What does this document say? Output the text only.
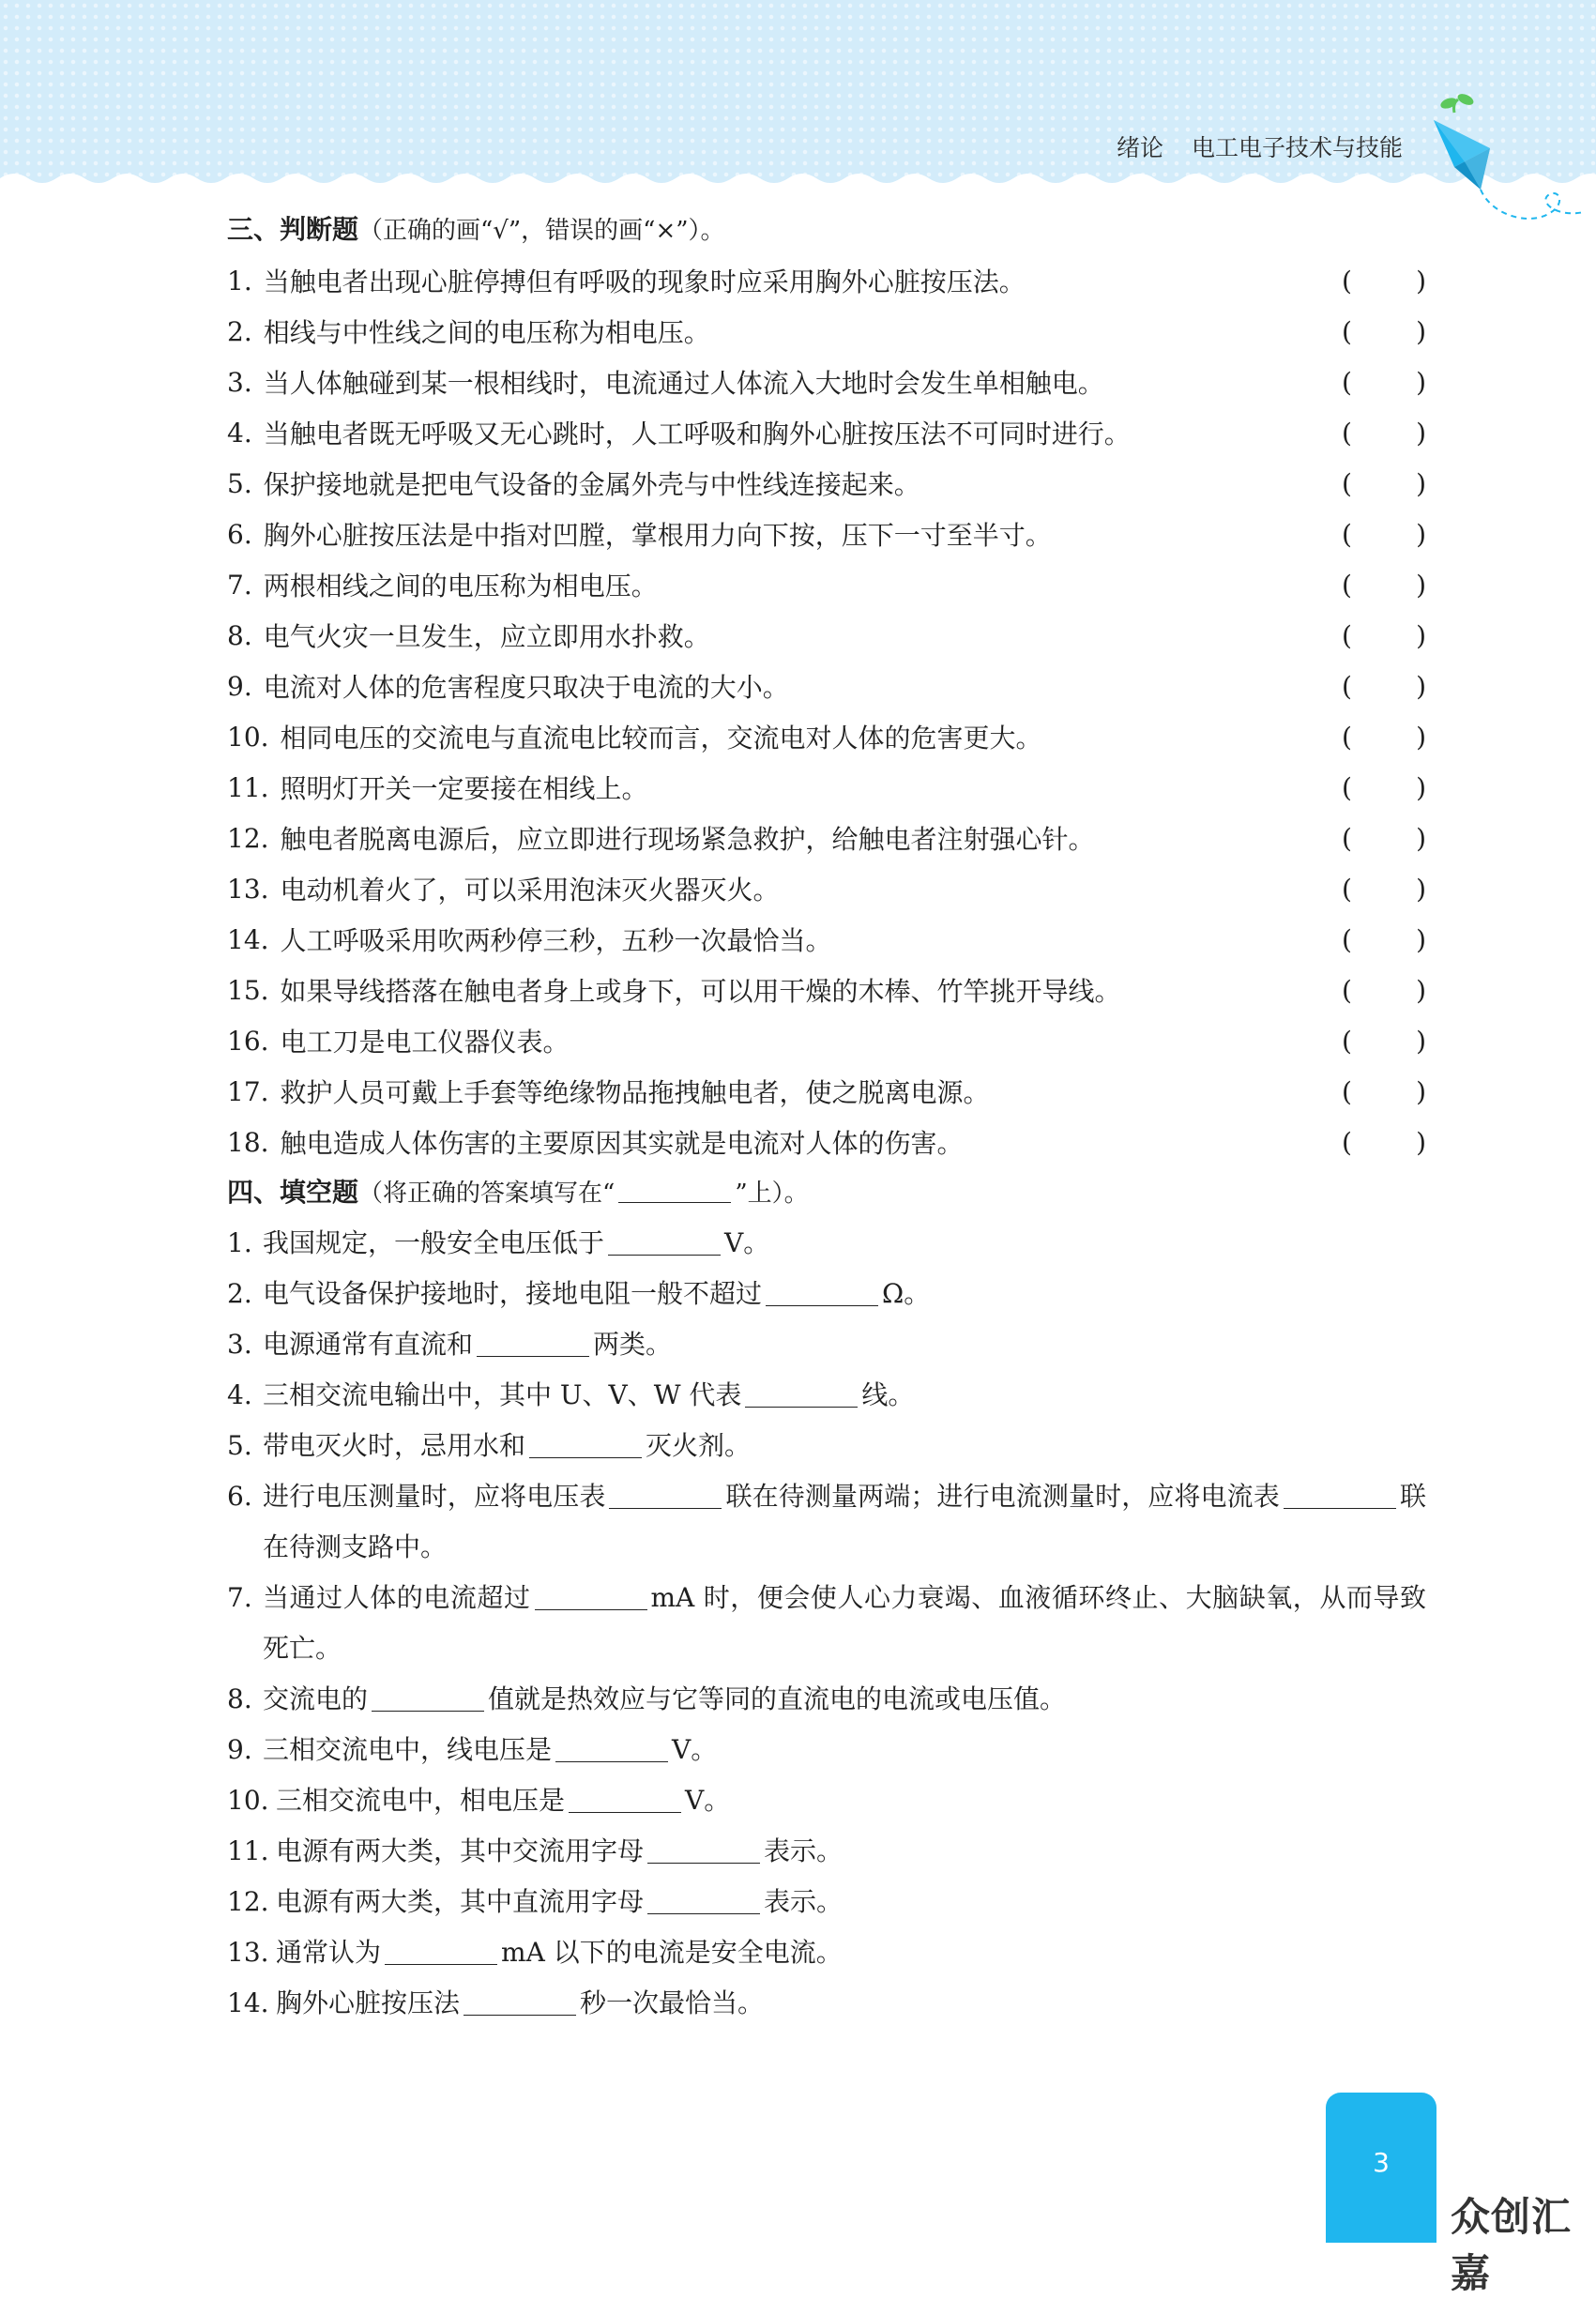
绪论 电工电子技术与技能
三、判断题（正确的画“√”，错误的画“×”）。
1. 当触电者出现心脏停搏但有呼吸的现象时应采用胸外心脏按压法。	( )
2. 相线与中性线之间的电压称为相电压。	( )
3. 当人体触碰到某一根相线时，电流通过人体流入大地时会发生单相触电。	( )
4. 当触电者既无呼吸又无心跳时，人工呼吸和胸外心脏按压法不可同时进行。	( )
5. 保护接地就是把电气设备的金属外壳与中性线连接起来。	( )
6. 胸外心脏按压法是中指对凹膛，掌根用力向下按，压下一寸至半寸。	( )
7. 两根相线之间的电压称为相电压。	( )
8. 电气火灾一旦发生，应立即用水扑救。	( )
9. 电流对人体的危害程度只取决于电流的大小。	( )
10. 相同电压的交流电与直流电比较而言，交流电对人体的危害更大。	( )
11. 照明灯开关一定要接在相线上。	( )
12. 触电者脱离电源后，应立即进行现场紧急救护，给触电者注射强心针。	( )
13. 电动机着火了，可以采用泡沫灭火器灭火。	( )
14. 人工呼吸采用吹两秒停三秒，五秒一次最恰当。	( )
15. 如果导线搭落在触电者身上或身下，可以用干燥的木棒、竹竿挑开导线。	( )
16. 电工刀是电工仪器仪表。	( )
17. 救护人员可戴上手套等绝缘物品拖拽触电者，使之脱离电源。	( )
18. 触电造成人体伤害的主要原因其实就是电流对人体的伤害。	( )
四、填空题（将正确的答案填写在“	”上）。
1. 我国规定，一般安全电压低于	V。
2. 电气设备保护接地时，接地电阻一般不超过	Ω。
3. 电源通常有直流和	两类。
4. 三相交流电输出中，其中 U、V、W 代表	线。
5. 带电灭火时，忌用水和	灭火剂。
6. 进行电压测量时，应将电压表	联在待测量两端；进行电流测量时，应将电流表	联在待测支路中。
7. 当通过人体的电流超过	mA 时，便会使人心力衰竭、血液循环终止、大脑缺氧，从而导致死亡。
8. 交流电的	值就是热效应与它等同的直流电的电流或电压值。
9. 三相交流电中，线电压是	V。
10. 三相交流电中，相电压是	V。
11. 电源有两大类，其中交流用字母	表示。
12. 电源有两大类，其中直流用字母	表示。
13. 通常认为	mA 以下的电流是安全电流。
14. 胸外心脏按压法	秒一次最恰当。
3
众创汇嘉
